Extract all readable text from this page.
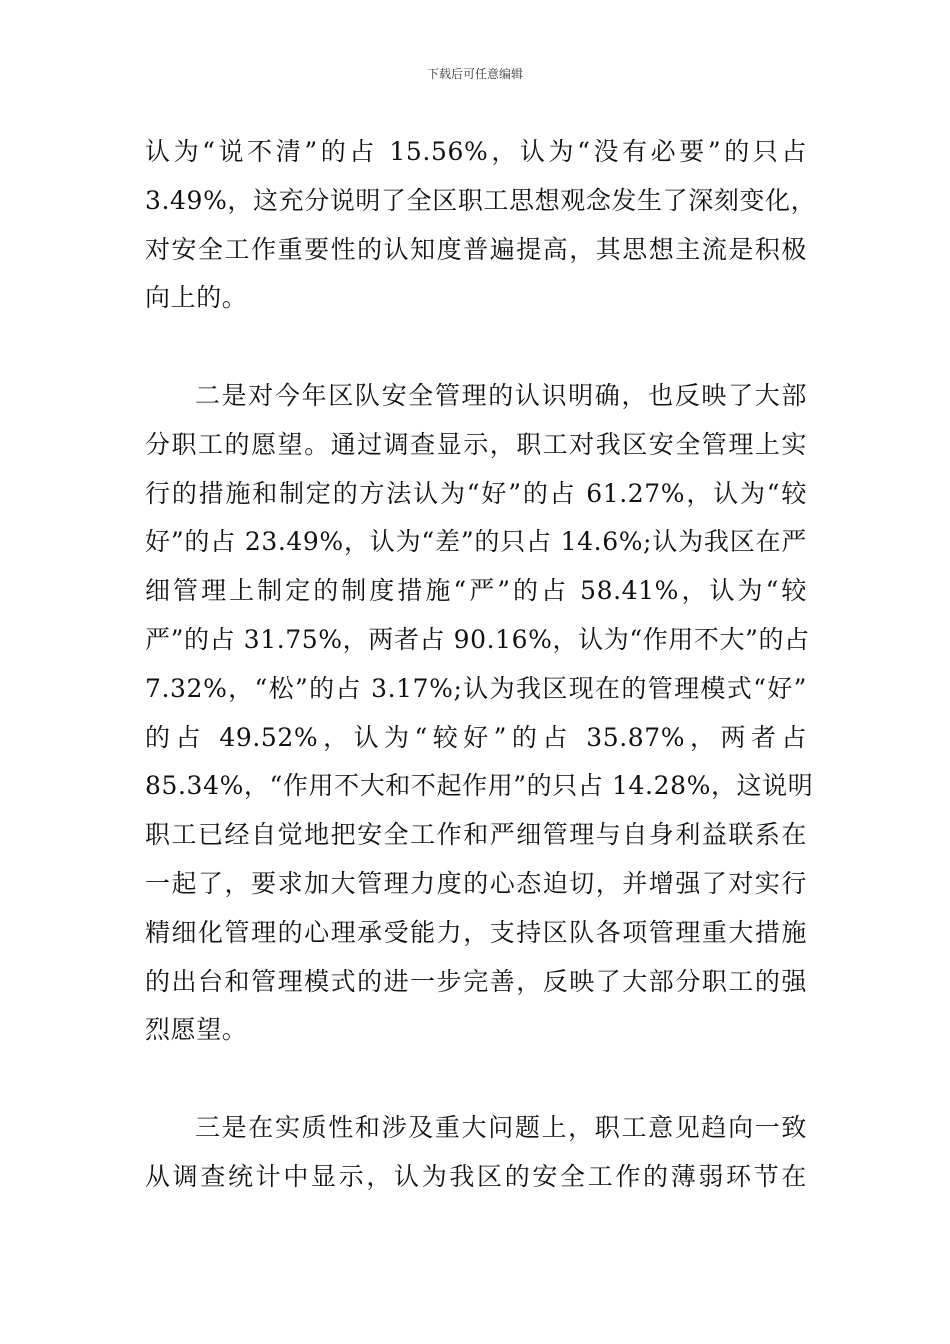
下载后可任意编辑
认为“说不清”的占 15.56%，认为“没有必要”的只占
3.49%，这充分说明了全区职工思想观念发生了深刻变化，
对安全工作重要性的认知度普遍提高，其思想主流是积极
向上的。
二是对今年区队安全管理的认识明确，也反映了大部
分职工的愿望。通过调查显示，职工对我区安全管理上实
行的措施和制定的方法认为“好”的占 61.27%，认为“较
好”的占 23.49%，认为“差”的只占 14.6%;认为我区在严
细管理上制定的制度措施“严”的占 58.41%，认为“较
严”的占 31.75%，两者占 90.16%，认为“作用不大”的占
7.32%，“松”的占 3.17%;认为我区现在的管理模式“好”
的占 49.52%，认为“较好”的占 35.87%，两者占
85.34%，“作用不大和不起作用”的只占 14.28%，这说明
职工已经自觉地把安全工作和严细管理与自身利益联系在
一起了，要求加大管理力度的心态迫切，并增强了对实行
精细化管理的心理承受能力，支持区队各项管理重大措施
的出台和管理模式的进一步完善，反映了大部分职工的强
烈愿望。
三是在实质性和涉及重大问题上，职工意见趋向一致
从调查统计中显示，认为我区的安全工作的薄弱环节在
